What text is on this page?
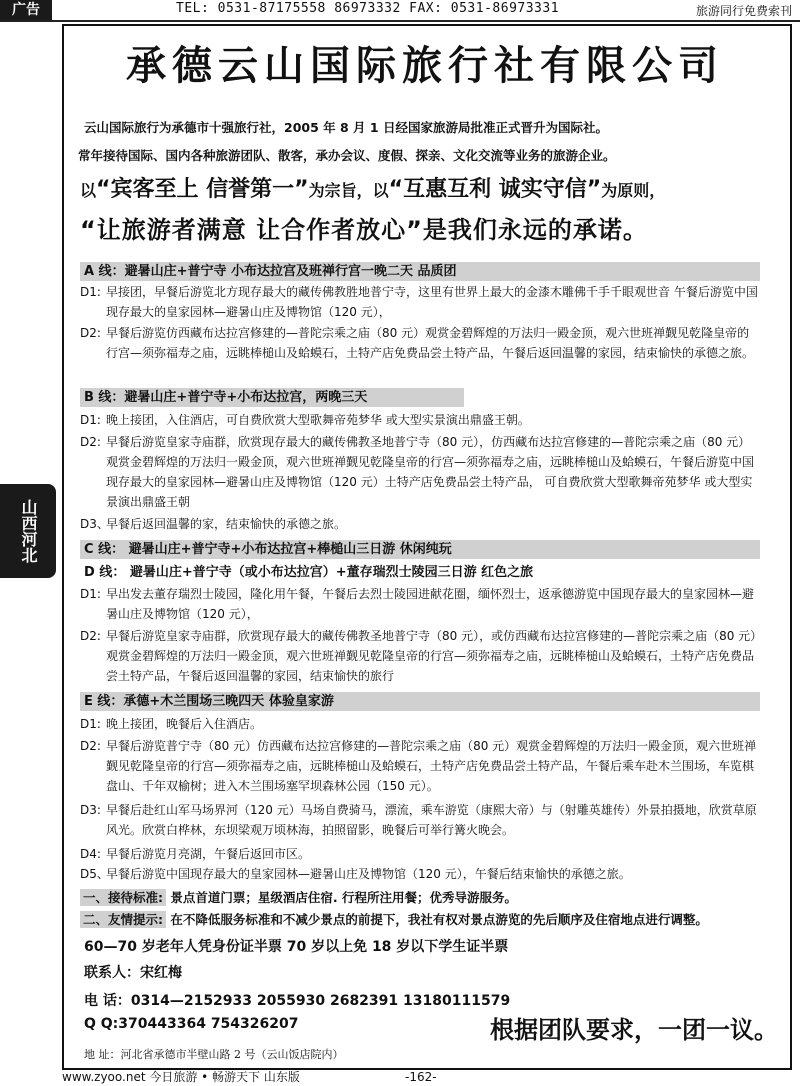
广告	TEL: 0531-87175558 86973332 FAX: 0531-86973331	旅游同行免费索刊
山西河北
承德云山国际旅行社有限公司
云山国际旅行为承德市十强旅行社，2005 年 8 月 1 日经国家旅游局批准正式晋升为国际社。
常年接待国际、国内各种旅游团队、散客，承办会议、度假、探亲、文化交流等业务的旅游企业。
以“宾客至上 信誉第一”为宗旨，以“互惠互利 诚实守信”为原则，
“让旅游者满意 让合作者放心”是我们永远的承诺。
A 线：避暑山庄+普宁寺 小布达拉宫及班禅行宫一晚二天 品质团
D1: 早接团，早餐后游览北方现存最大的藏传佛教胜地普宁寺，这里有世界上最大的金漆木雕佛千手千眼观世音 午餐后游览中国现存最大的皇家园林—避暑山庄及博物馆（120 元），
D2: 早餐后游览仿西藏布达拉宫修建的—普陀宗乘之庙（80 元）观赏金碧辉煌的万法归一殿金顶，观六世班禅觐见乾隆皇帝的行宫—须弥福寿之庙，远眺棒槌山及蛤蟆石，土特产店免费品尝土特产品，午餐后返回温馨的家园，结束愉快的承德之旅。
B 线：避暑山庄+普宁寺+小布达拉宫，两晚三天
D1: 晚上接团，入住酒店，可自费欣赏大型歌舞帝苑梦华 或大型实景演出鼎盛王朝。
D2: 早餐后游览皇家寺庙群，欣赏现存最大的藏传佛教圣地普宁寺（80 元），仿西藏布达拉宫修建的—普陀宗乘之庙（80 元）观赏金碧辉煌的万法归一殿金顶，观六世班禅觐见乾隆皇帝的行宫—须弥福寿之庙，远眺棒槌山及蛤蟆石，午餐后游览中国现存最大的皇家园林—避暑山庄及博物馆（120 元）土特产店免费品尝土特产品， 可自费欣赏大型歌舞帝苑梦华 或大型实景演出鼎盛王朝
D3、
早餐后返回温馨的家，结束愉快的承德之旅。
C 线： 避暑山庄+普宁寺+小布达拉宫+棒槌山三日游 休闲纯玩
D 线： 避暑山庄+普宁寺（或小布达拉宫）+董存瑞烈士陵园三日游 红色之旅
D1: 早出发去董存瑞烈士陵园，隆化用午餐，午餐后去烈士陵园进献花圈，缅怀烈士，返承德游览中国现存最大的皇家园林—避暑山庄及博物馆（120 元），
D2: 早餐后游览皇家寺庙群，欣赏现存最大的藏传佛教圣地普宁寺（80 元），或仿西藏布达拉宫修建的—普陀宗乘之庙（80 元）观赏金碧辉煌的万法归一殿金顶，观六世班禅觐见乾隆皇帝的行宫—须弥福寿之庙，远眺棒槌山及蛤蟆石，土特产店免费品尝土特产品，午餐后返回温馨的家园，结束愉快的旅行
E 线：承德+木兰围场三晚四天 体验皇家游
D1: 晚上接团，晚餐后入住酒店。
D2: 早餐后游览普宁寺（80 元）仿西藏布达拉宫修建的—普陀宗乘之庙（80 元）观赏金碧辉煌的万法归一殿金顶，观六世班禅觐见乾隆皇帝的行宫—须弥福寿之庙，远眺棒槌山及蛤蟆石，土特产店免费品尝土特产品，午餐后乘车赴木兰围场，车览棋盘山、千年双榆树；进入木兰围场塞罕坝森林公园（150 元）。
D3: 早餐后赴红山军马场界河（120 元）马场自费骑马，漂流，乘车游览（康熙大帝）与（射雕英雄传）外景拍摄地，欣赏草原风光。欣赏白桦林，东坝梁观万顷林海，拍照留影，晚餐后可举行篝火晚会。
D4: 早餐后游览月亮湖，午餐后返回市区。
D5、
早餐后游览中国现存最大的皇家园林—避暑山庄及博物馆（120 元），午餐后结束愉快的承德之旅。
一、接待标准: 景点首道门票；星级酒店住宿. 行程所注用餐；优秀导游服务。
二、友情提示: 在不降低服务标准和不减少景点的前提下，我社有权对景点游览的先后顺序及住宿地点进行调整。
60—70 岁老年人凭身份证半票 70 岁以上免 18 岁以下学生证半票
联系人：宋红梅
电 话：0314—2152933 2055930 2682391 13180111579
Q Q:370443364 754326207	根据团队要求，一团一议。
地 址：河北省承德市半壁山路 2 号（云山饭店院内）
www.zyoo.net 今日旅游 • 畅游天下 山东版	-162-
